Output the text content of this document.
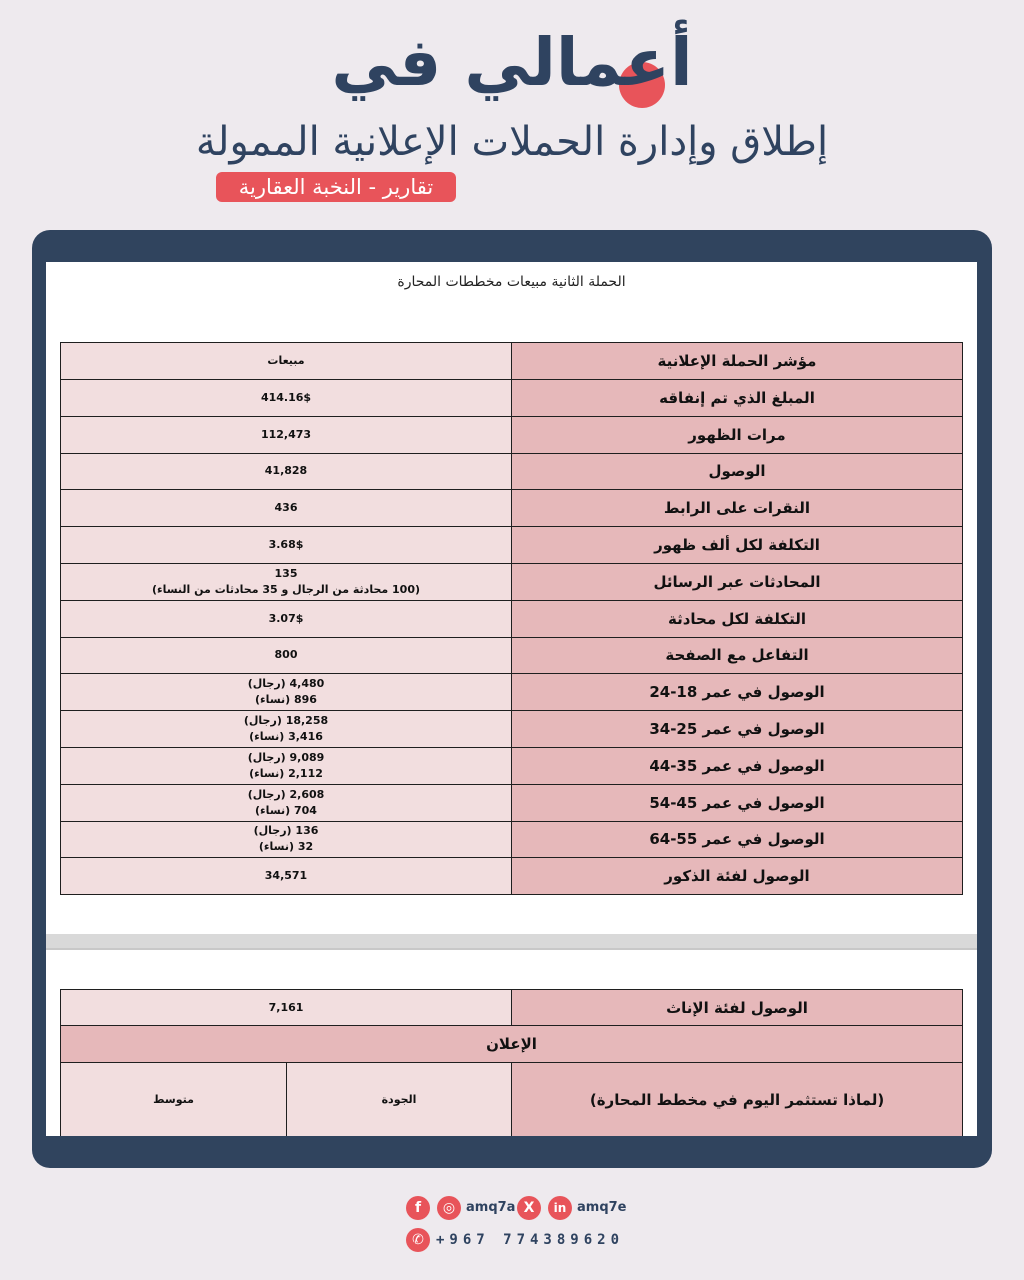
أعمالي في
إطلاق وإدارة الحملات الإعلانية الممولة
تقارير - النخبة العقارية
الحملة الثانية مبيعات مخططات المحارة
مبيعات	مؤشر الحملة الإعلانية

414.16$	المبلغ الذي تم إنفاقه

112,473	مرات الظهور

41,828	الوصول

436	النقرات على الرابط

3.68$	التكلفة لكل ألف ظهور

135
(100 محادثة من الرجال و 35 محادثات من النساء)	المحادثات عبر الرسائل

3.07$	التكلفة لكل محادثة

800	التفاعل مع الصفحة

4,480 (رجال)
896 (نساء)	الوصول في عمر 18-24

18,258 (رجال)
3,416 (نساء)	الوصول في عمر 25-34

9,089 (رجال)
2,112 (نساء)	الوصول في عمر 35-44

2,608 (رجال)
704 (نساء)	الوصول في عمر 45-54

136 (رجال)
32 (نساء)	الوصول في عمر 55-64

34,571	الوصول لفئة الذكور
7,161		الوصول لفئة الإناث
الإعلان		
متوسط	الجودة	(لماذا تستثمر اليوم في مخطط المحارة)
f	◎ amq7a X	in amq7e
✆ +967 774389620
